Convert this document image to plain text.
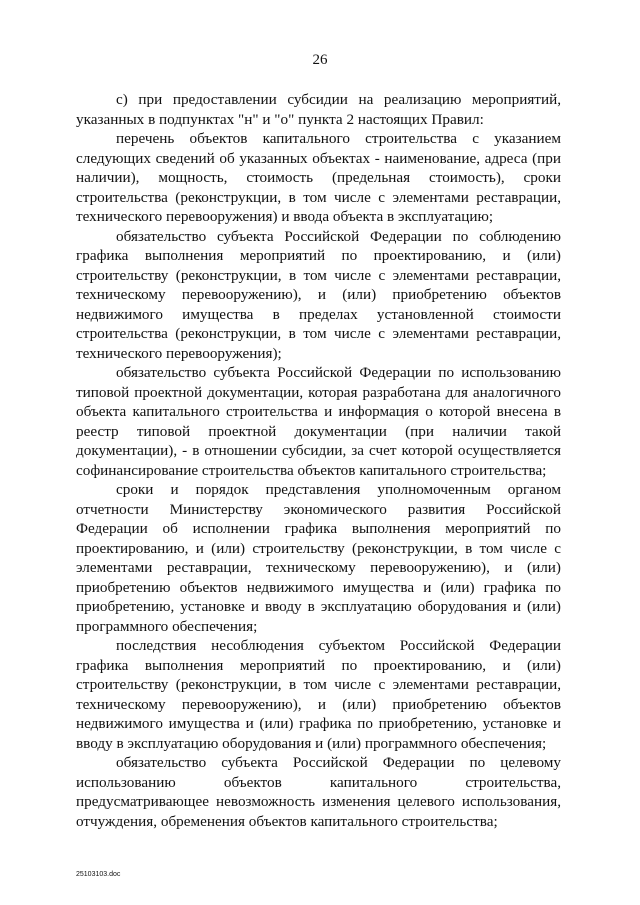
26

с) при предоставлении субсидии на реализацию мероприятий, указанных в подпунктах "н" и "о" пункта 2 настоящих Правил:

перечень объектов капитального строительства с указанием следующих сведений об указанных объектах - наименование, адреса (при наличии), мощность, стоимость (предельная стоимость), сроки строительства (реконструкции, в том числе с элементами реставрации, технического перевооружения) и ввода объекта в эксплуатацию;

обязательство субъекта Российской Федерации по соблюдению графика выполнения мероприятий по проектированию, и (или) строительству (реконструкции, в том числе с элементами реставрации, техническому перевооружению), и (или) приобретению объектов недвижимого имущества в пределах установленной стоимости строительства (реконструкции, в том числе с элементами реставрации, технического перевооружения);

обязательство субъекта Российской Федерации по использованию типовой проектной документации, которая разработана для аналогичного объекта капитального строительства и информация о которой внесена в реестр типовой проектной документации (при наличии такой документации), - в отношении субсидии, за счет которой осуществляется софинансирование строительства объектов капитального строительства;

сроки и порядок представления уполномоченным органом отчетности Министерству экономического развития Российской Федерации об исполнении графика выполнения мероприятий по проектированию, и (или) строительству (реконструкции, в том числе с элементами реставрации, техническому перевооружению), и (или) приобретению объектов недвижимого имущества и (или) графика по приобретению, установке и вводу в эксплуатацию оборудования и (или) программного обеспечения;

последствия несоблюдения субъектом Российской Федерации графика выполнения мероприятий по проектированию, и (или) строительству (реконструкции, в том числе с элементами реставрации, техническому перевооружению), и (или) приобретению объектов недвижимого имущества и (или) графика по приобретению, установке и вводу в эксплуатацию оборудования и (или) программного обеспечения;

обязательство субъекта Российской Федерации по целевому использованию объектов капитального строительства, предусматривающее невозможность изменения целевого использования, отчуждения, обременения объектов капитального строительства;

25103103.doc
